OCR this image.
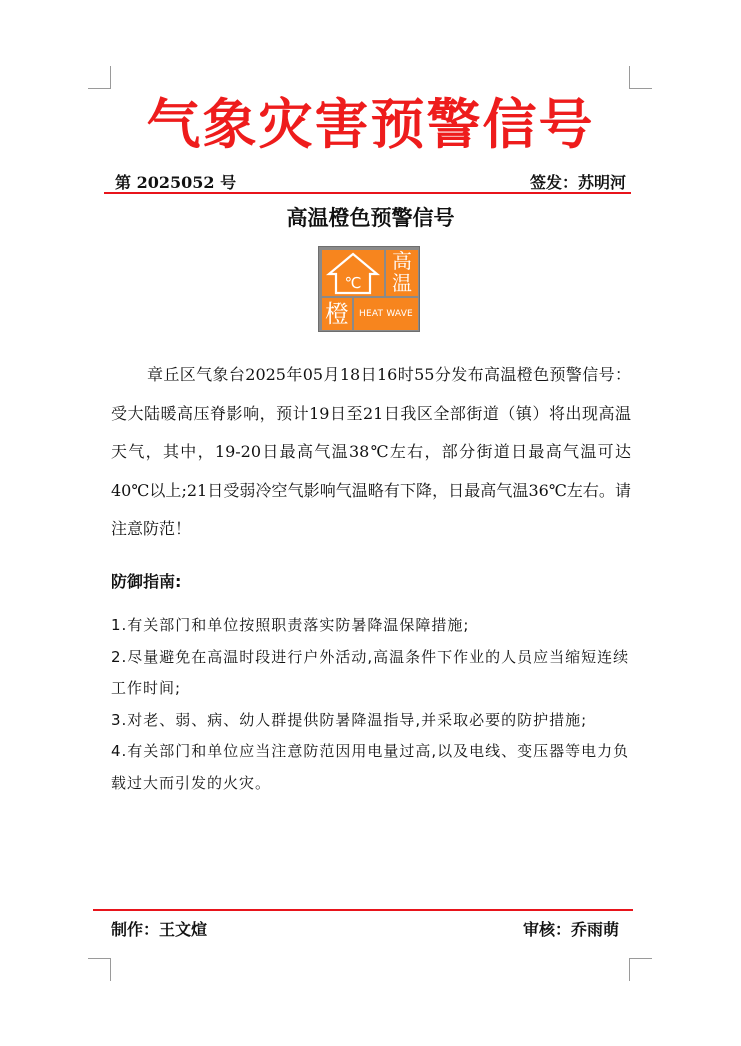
气象灾害预警信号
第 2025052 号	签发：苏明河
高温橙色预警信号
℃
高
温
橙	HEAT WAVE
章丘区气象台2025年05月18日16时55分发布高温橙色预警信号：受大陆暖高压脊影响，预计19日至21日我区全部街道（镇）将出现高温天气，其中，19-20日最高气温38℃左右，部分街道日最高气温可达40℃以上;21日受弱冷空气影响气温略有下降，日最高气温36℃左右。请注意防范！
防御指南:
1.有关部门和单位按照职责落实防暑降温保障措施;
2.尽量避免在高温时段进行户外活动,高温条件下作业的人员应当缩短连续工作时间;
3.对老、弱、病、幼人群提供防暑降温指导,并采取必要的防护措施;
4.有关部门和单位应当注意防范因用电量过高,以及电线、变压器等电力负载过大而引发的火灾。
制作：王文煊	审核：乔雨萌
